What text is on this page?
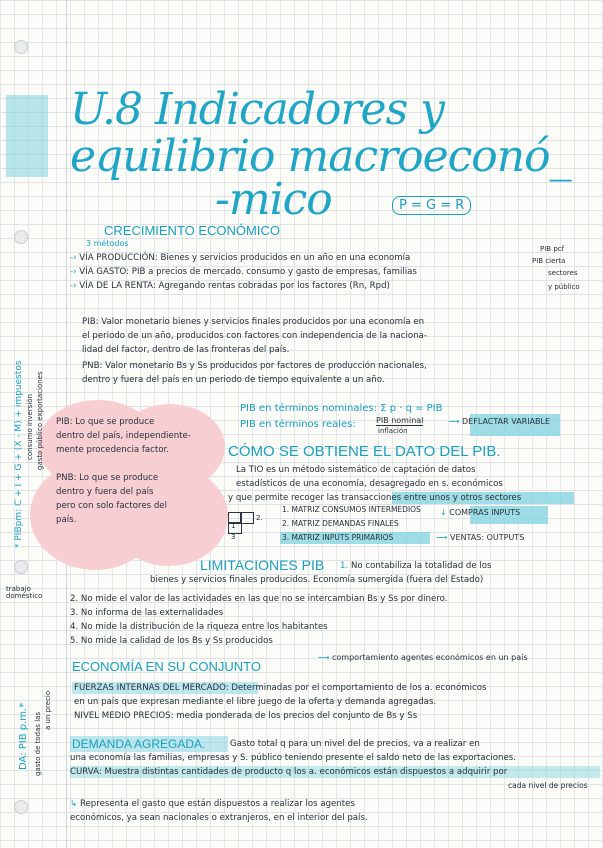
U.8 Indicadores y
equilibrio macroeconó_
-mico	P = G = R
CRECIMIENTO ECONÓMICO
3 métodos
-› VÍA PRODUCCIÓN: Bienes y servicios producidos en un año en una economía
-› VÍA GASTO: PIB a precios de mercado. consumo y gasto de empresas, familias
-› VÍA DE LA RENTA: Agregando rentas cobradas por los factores (Rn, Rpd)
PIB pcf
PIB cierta
sectores
y público
PIB: Valor monetario bienes y servicios finales producidos por una economía en
el periodo de un año, producidos con factores con independencia de la naciona-
lidad del factor, dentro de las fronteras del país.
PNB: Valor monetario Bs y Ss producidos por factores de producción nacionales,
dentro y fuera del país en un periodo de tiempo equivalente a un año.
PIB en términos nominales: Σ p · q = PIB
PIB en términos reales:	PIB nominal
inflación
⟶ DEFLACTAR VARIABLE
PIB: Lo que se produce
dentro del país, independiente-
mente procedencia factor.
PNB: Lo que se produce
dentro y fuera del país
pero con solo factores del
país.
CÓMO SE OBTIENE EL DATO DEL PIB.
La TIO es un método sistemático de captación de datos
estadísticos de una economía, desagregado en s. económicos
y que permite recoger las transacciones entre unos y otros sectores
1
2.
3
1. MATRIZ CONSUMOS INTERMEDIOS
2. MATRIZ DEMANDAS FINALES
3. MATRIZ INPUTS PRIMARIOS
↓ COMPRAS INPUTS
⟶ VENTAS: OUTPUTS
LIMITACIONES PIB 1. No contabiliza la totalidad de los
bienes y servicios finales producidos. Economía sumergida (fuera del Estado)
trabajo doméstico	2. No mide el valor de las actividades en las que no se intercambian Bs y Ss por dinero.
3. No informa de las externalidades
4. No mide la distribución de la riqueza entre los habitantes
5. No mide la calidad de los Bs y Ss producidos
ECONOMÍA EN SU CONJUNTO
⟶ comportamiento agentes económicos en un país
FUERZAS INTERNAS DEL MERCADO: Determinadas por el comportamiento de los a. económicos
en un país que expresan mediante el libre juego de la oferta y demanda agregadas.
NIVEL MEDIO PRECIOS: media ponderada de los precios del conjunto de Bs y Ss
DEMANDA AGREGADA.	Gasto total q para un nivel del de precios, va a realizar en
una economía las familias, empresas y S. público teniendo presente el saldo neto de las exportaciones.
CURVA: Muestra distintas cantidades de producto q los a. económicos están dispuestos a adquirir por
cada nivel de precios
↳ Representa el gasto que están dispuestos a realizar los agentes
económicos, ya sean nacionales o extranjeros, en el interior del país.
* PIBpm: C + I + G + (X - M) + impuestos
consumo inversión gasto público exportaciones
DA: PIB p.m.* gasto de todas las
a un precio
